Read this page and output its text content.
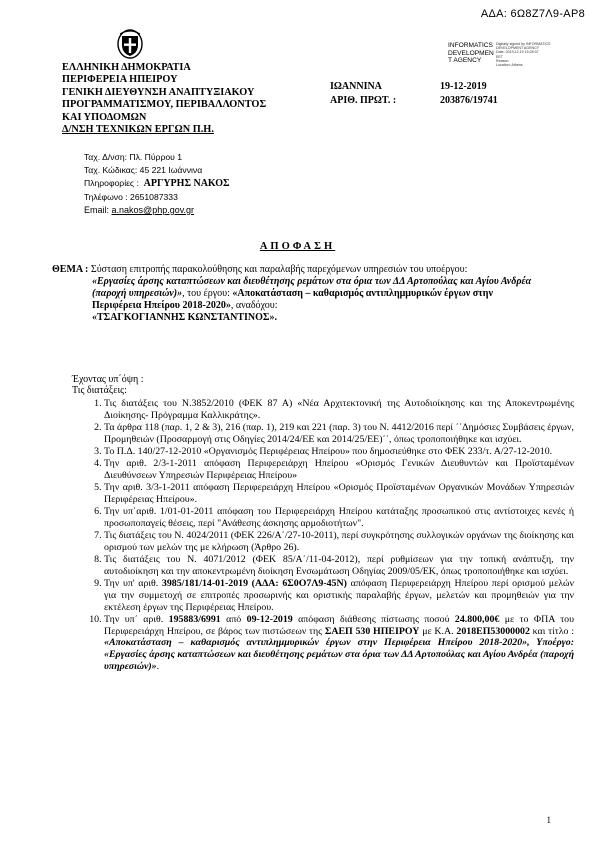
ΑΔΑ: 6Ω8Ζ7Λ9-ΑΡ8
ΕΛΛΗΝΙΚΗ ΔΗΜΟΚΡΑΤΙΑ
ΠΕΡΙΦΕΡΕΙΑ ΗΠΕΙΡΟΥ
ΓΕΝΙΚΗ ΔΙΕΥΘΥΝΣΗ ΑΝΑΠΤΥΞΙΑΚΟΥ
ΠΡΟΓΡΑΜΜΑΤΙΣΜΟΥ, ΠΕΡΙΒΑΛΛΟΝΤΟΣ
ΚΑΙ ΥΠΟΔΟΜΩΝ
Δ/ΝΣΗ ΤΕΧΝΙΚΩΝ ΕΡΓΩΝ Π.Η.
INFORMATICS
DEVELOPMEN
T AGENCY
Digitally signed by INFORMATICS
DEVELOPMENT AGENCY
Date: 2019.12.19 15:28:37
EET
Reason:
Location: Athens
ΙΩΑΝΝΙΝΑ	19-12-2019
ΑΡΙΘ. ΠΡΩΤ. :	203876/19741
Ταχ. Δ/νση: Πλ. Πύρρου 1
Ταχ. Κώδικας: 45 221 Ιωάννινα
Πληροφορίες : ΑΡΓΥΡΗΣ ΝΑΚΟΣ
Τηλέφωνο : 2651087333
Email: a.nakos@php.gov.gr
ΑΠΟΦΑΣΗ
ΘΕΜΑ : Σύσταση επιτροπής παρακολούθησης και παραλαβής παρεχόμενων υπηρεσιών του υπoέργου:
«Εργασίες άρσης καταπτώσεων και διευθέτησης ρεμάτων στα όρια των ΔΔ Αρτοπούλας και Αγίου Ανδρέα (παροχή υπηρεσιών)», του έργου: «Αποκατάσταση – καθαρισμός αντιπλημμυρικών έργων στην Περιφέρεια Ηπείρου 2018-2020», αναδόχου:
«ΤΣΑΓΚΟΓΙΑΝΝΗΣ ΚΩΝΣΤΑΝΤΙΝΟΣ».
Έχοντας υπ΄όψη :
Τις διατάξεις:
1. Τις διατάξεις του Ν.3852/2010 (ΦΕΚ 87 Α) «Νέα Αρχιτεκτονική της Αυτοδιοίκησης και της Αποκεντρωμένης Διοίκησης- Πρόγραμμα Καλλικράτης».
2. Τα άρθρα 118 (παρ. 1, 2 & 3), 216 (παρ. 1), 219 και 221 (παρ. 3) του Ν. 4412/2016 περί ΄΄Δημόσιες Συμβάσεις έργων, Προμηθειών (Προσαρμογή στις Οδηγίες 2014/24/ΕΕ και 2014/25/ΕΕ)΄΄, όπως τροποποιήθηκε και ισχύει.
3. Το Π.Δ. 140/27-12-2010 «Οργανισμός Περιφέρειας Ηπείρου» που δημοσιεύθηκε στο ΦΕΚ 233/τ. Α/27-12-2010.
4. Την αριθ. 2/3-1-2011 απόφαση Περιφερειάρχη Ηπείρου «Ορισμός Γενικών Διευθυντών και Προϊσταμένων Διευθύνσεων Υπηρεσιών Περιφέρειας Ηπείρου»
5. Την αριθ. 3/3-1-2011 απόφαση Περιφερειάρχη Ηπείρου «Ορισμός Προϊσταμένων Οργανικών Μονάδων Υπηρεσιών Περιφέρειας Ηπείρου».
6. Την υπ΄αριθ. 1/01-01-2011 απόφαση του Περιφερειάρχη Ηπείρου κατάταξης προσωπικού στις αντίστοιχες κενές ή προσωποπαγείς θέσεις, περί "Ανάθεσης άσκησης αρμοδιοτήτων".
7. Τις διατάξεις του Ν. 4024/2011 (ΦΕΚ 226/Α΄/27-10-2011), περί συγκρότησης συλλογικών οργάνων της διοίκησης και ορισμού των μελών της με κλήρωση (Άρθρο 26).
8. Τις διατάξεις του Ν. 4071/2012 (ΦΕΚ 85/Α΄/11-04-2012), περί ρυθμίσεων για την τοπική ανάπτυξη, την αυτοδιοίκηση και την αποκεντρωμένη διοίκηση Ενσωμάτωση Οδηγίας 2009/05/ΕΚ, όπως τροποποιήθηκε και ισχύει.
9. Την υπ' αριθ. 3985/181/14-01-2019 (ΑΔΑ: 6Σ0Ο7Λ9-45Ν) απόφαση Περιφερειάρχη Ηπείρου περί ορισμού μελών για την συμμετοχή σε επιτροπές προσωρινής και οριστικής παραλαβής έργων, μελετών και προμηθειών για την εκτέλεση έργων της Περιφέρειας Ηπείρου.
10. Την υπ΄ αριθ. 195883/6991 από 09-12-2019 απόφαση διάθεσης πίστωσης ποσού 24.800,00€ με το ΦΠΑ του Περιφερειάρχη Ηπείρου, σε βάρος των πιστώσεων της ΣΑΕΠ 530 ΗΠΕΙΡΟΥ με Κ.Α. 2018ΕΠ53000002 και τίτλο : «Αποκατάσταση – καθαρισμός αντιπλημμυρικών έργων στην Περιφέρεια Ηπείρου 2018-2020», Υποέργο: «Εργασίες άρσης καταπτώσεων και διευθέτησης ρεμάτων στα όρια των ΔΔ Αρτοπούλας και Αγίου Ανδρέα (παροχή υπηρεσιών)».
1
